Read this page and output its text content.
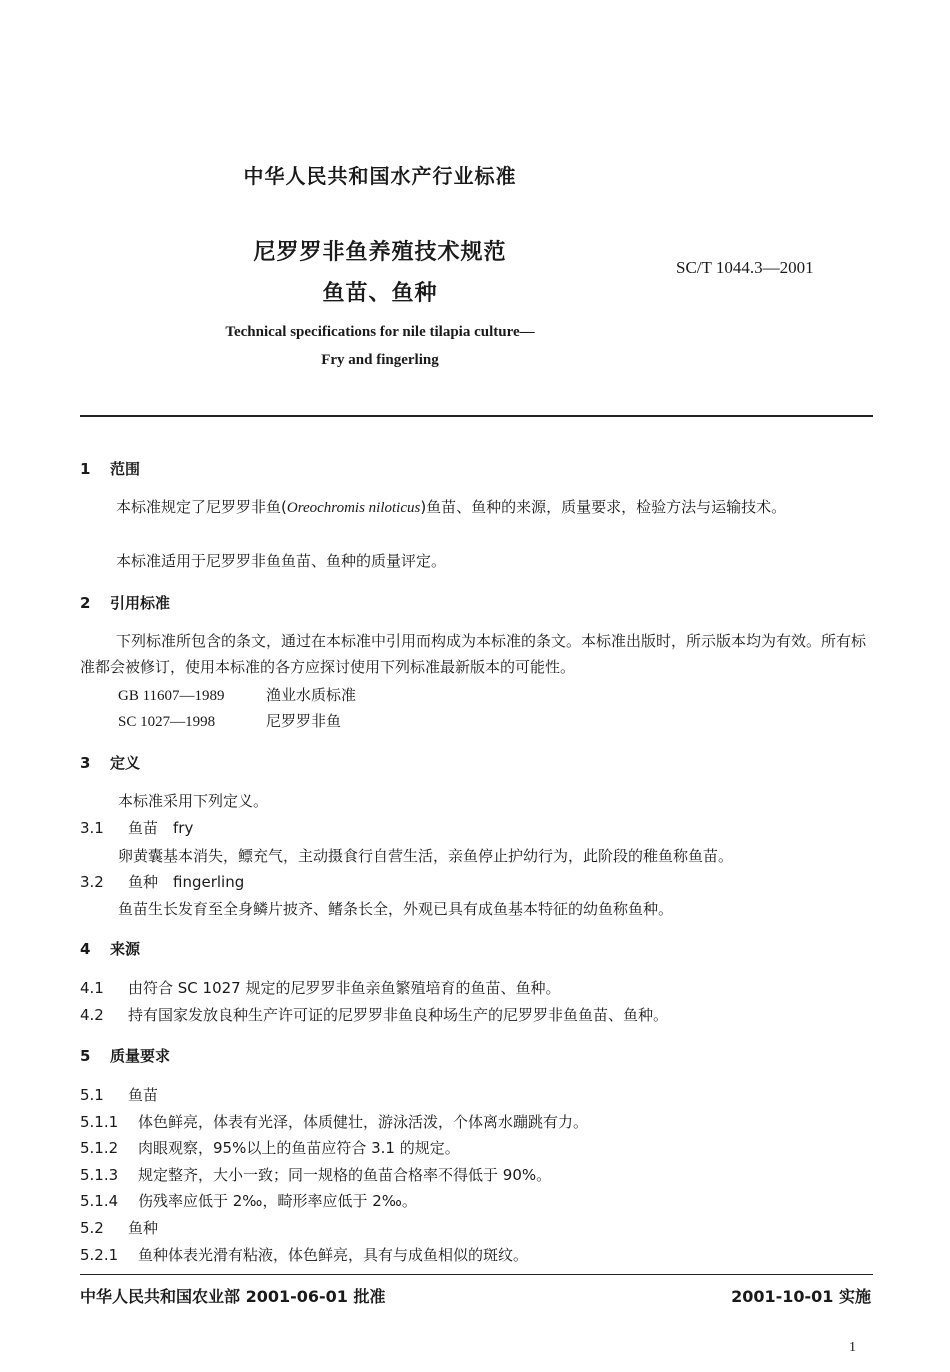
中华人民共和国水产行业标准
尼罗罗非鱼养殖技术规范
鱼苗、鱼种
SC/T 1044.3—2001
Technical specifications for nile tilapia culture—
Fry and fingerling
1 范围
本标准规定了尼罗罗非鱼(Oreochromis niloticus)鱼苗、鱼种的来源，质量要求，检验方法与运输技术。
本标准适用于尼罗罗非鱼鱼苗、鱼种的质量评定。
2 引用标准
下列标准所包含的条文，通过在本标准中引用而构成为本标准的条文。本标准出版时，所示版本均为有效。所有标准都会被修订，使用本标准的各方应探讨使用下列标准最新版本的可能性。
GB 11607—1989	渔业水质标准
SC 1027—1998	尼罗罗非鱼
3 定义
本标准采用下列定义。
3.1 鱼苗　fry
卵黄囊基本消失，鳔充气，主动摄食行自营生活，亲鱼停止护幼行为，此阶段的稚鱼称鱼苗。
3.2 鱼种　fingerling
鱼苗生长发育至全身鳞片披齐、鳍条长全，外观已具有成鱼基本特征的幼鱼称鱼种。
4 来源
4.1 由符合 SC 1027 规定的尼罗罗非鱼亲鱼繁殖培育的鱼苗、鱼种。
4.2 持有国家发放良种生产许可证的尼罗罗非鱼良种场生产的尼罗罗非鱼鱼苗、鱼种。
5 质量要求
5.1 鱼苗
5.1.1 体色鲜亮，体表有光泽，体质健壮，游泳活泼，个体离水蹦跳有力。
5.1.2 肉眼观察，95%以上的鱼苗应符合 3.1 的规定。
5.1.3 规定整齐，大小一致；同一规格的鱼苗合格率不得低于 90%。
5.1.4 伤残率应低于 2‰，畸形率应低于 2‰。
5.2 鱼种
5.2.1 鱼种体表光滑有粘液，体色鲜亮，具有与成鱼相似的斑纹。
中华人民共和国农业部 2001-06-01 批准	2001-10-01 实施
1
